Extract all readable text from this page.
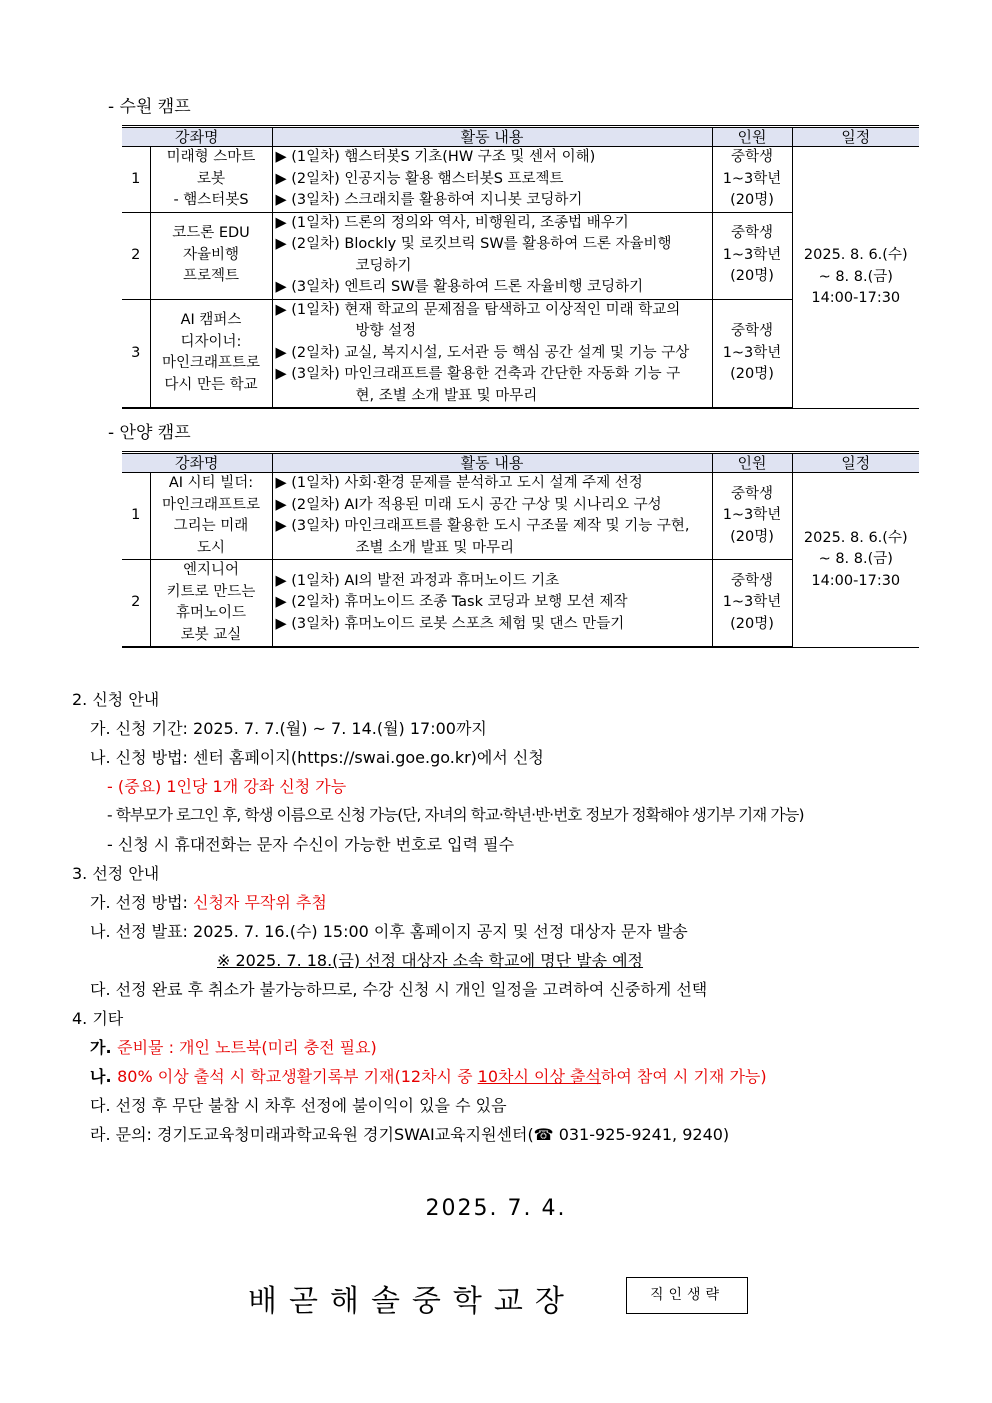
- 수원 캠프
강좌명		활동 내용	인원	일정
1	미래형 스마트
로봇
- 햄스터봇S	▶ (1일차) 햄스터봇S 기초(HW 구조 및 센서 이해)
▶ (2일차) 인공지능 활용 햄스터봇S 프로젝트
▶ (3일차) 스크래치를 활용하여 지니봇 코딩하기	중학생
1~3학년
(20명)	2025. 8. 6.(수)
~ 8. 8.(금)
14:00-17:30

2	코드론 EDU
자율비행
프로젝트	▶ (1일차) 드론의 정의와 역사, 비행원리, 조종법 배우기
▶ (2일차) Blockly 및 로킷브릭 SW를 활용하여 드론 자율비행
코딩하기
▶ (3일차) 엔트리 SW를 활용하여 드론 자율비행 코딩하기	중학생
1~3학년
(20명)	

3	AI 캠퍼스
디자이너:
마인크래프트로
다시 만든 학교	▶ (1일차) 현재 학교의 문제점을 탐색하고 이상적인 미래 학교의
방향 설정
▶ (2일차) 교실, 복지시설, 도서관 등 핵심 공간 설계 및 기능 구상
▶ (3일차) 마인크래프트를 활용한 건축과 간단한 자동화 기능 구
현, 조별 소개 발표 및 마무리	중학생
1~3학년
(20명)	
- 안양 캠프
강좌명		활동 내용	인원	일정
1	AI 시티 빌더:
마인크래프트로
그리는 미래
도시	▶ (1일차) 사회·환경 문제를 분석하고 도시 설계 주제 선정
▶ (2일차) AI가 적용된 미래 도시 공간 구상 및 시나리오 구성
▶ (3일차) 마인크래프트를 활용한 도시 구조물 제작 및 기능 구현,
조별 소개 발표 및 마무리	중학생
1~3학년
(20명)	2025. 8. 6.(수)
~ 8. 8.(금)
14:00-17:30

2	엔지니어
키트로 만드는
휴머노이드
로봇 교실	▶ (1일차) AI의 발전 과정과 휴머노이드 기초
▶ (2일차) 휴머노이드 조종 Task 코딩과 보행 모션 제작
▶ (3일차) 휴머노이드 로봇 스포츠 체험 및 댄스 만들기	중학생
1~3학년
(20명)	
2. 신청 안내
가. 신청 기간: 2025. 7. 7.(월) ~ 7. 14.(월) 17:00까지
나. 신청 방법: 센터 홈페이지(https://swai.goe.go.kr)에서 신청
- (중요) 1인당 1개 강좌 신청 가능
- 학부모가 로그인 후, 학생 이름으로 신청 가능(단, 자녀의 학교·학년·반·번호 정보가 정확해야 생기부 기재 가능)
- 신청 시 휴대전화는 문자 수신이 가능한 번호로 입력 필수
3. 선정 안내
가. 선정 방법: 신청자 무작위 추첨
나. 선정 발표: 2025. 7. 16.(수) 15:00 이후 홈페이지 공지 및 선정 대상자 문자 발송
※ 2025. 7. 18.(금) 선정 대상자 소속 학교에 명단 발송 예정
다. 선정 완료 후 취소가 불가능하므로, 수강 신청 시 개인 일정을 고려하여 신중하게 선택
4. 기타
가. 준비물 : 개인 노트북(미리 충전 필요)
나. 80% 이상 출석 시 학교생활기록부 기재(12차시 중 10차시 이상 출석하여 참여 시 기재 가능)
다. 선정 후 무단 불참 시 차후 선정에 불이익이 있을 수 있음
라. 문의: 경기도교육청미래과학교육원 경기SWAI교육지원센터(☎ 031-925-9241, 9240)
2025. 7. 4.
배곧해솔중학교장	직인생략
